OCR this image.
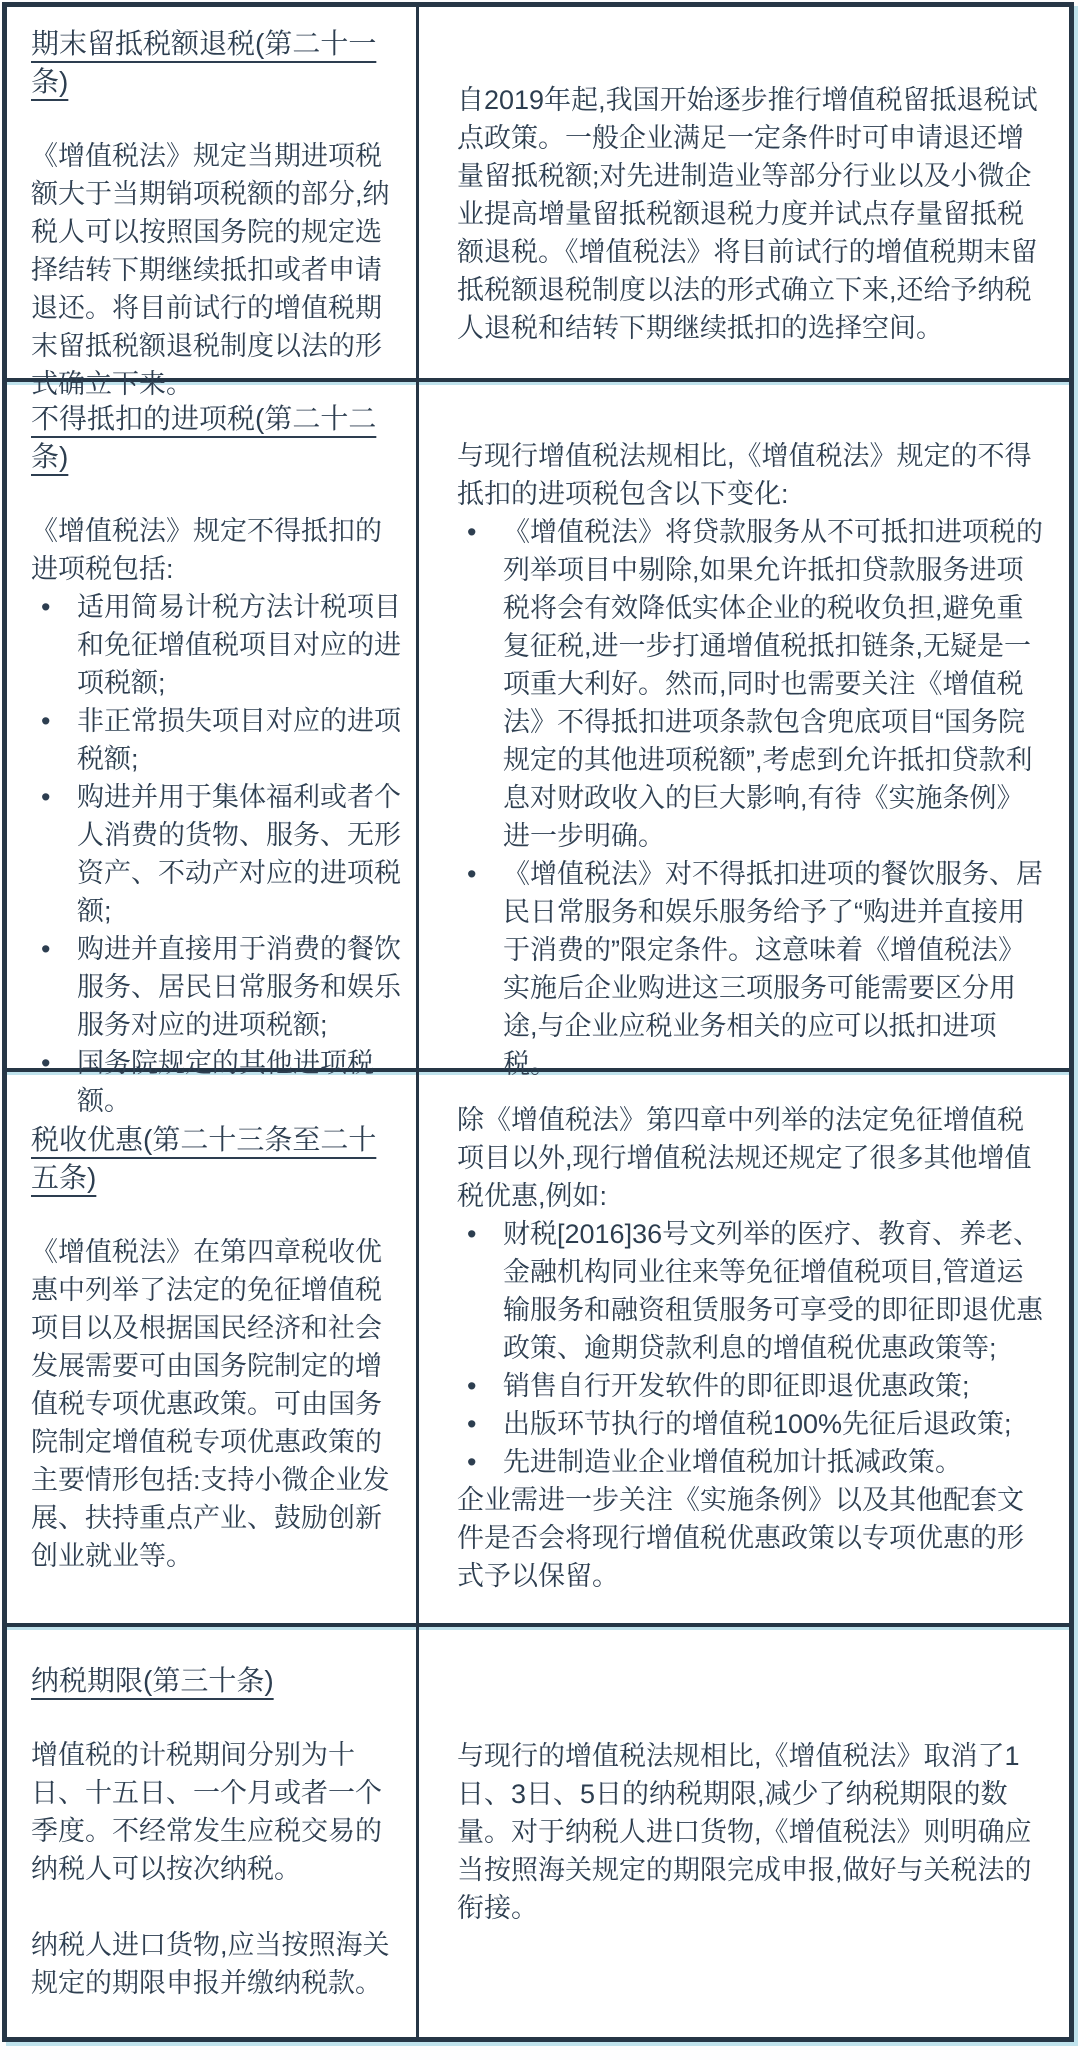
期末留抵税额退税(第二十一条)

《增值税法》规定当期进项税额大于当期销项税额的部分,纳税人可以按照国务院的规定选择结转下期继续抵扣或者申请退还。将目前试行的增值税期末留抵税额退税制度以法的形式确立下来。

自2019年起,我国开始逐步推行增值税留抵退税试点政策。一般企业满足一定条件时可申请退还增量留抵税额;对先进制造业等部分行业以及小微企业提高增量留抵税额退税力度并试点存量留抵税额退税。《增值税法》将目前试行的增值税期末留抵税额退税制度以法的形式确立下来,还给予纳税人退税和结转下期继续抵扣的选择空间。

不得抵扣的进项税(第二十二条)

《增值税法》规定不得抵扣的进项税包括:

• 适用简易计税方法计税项目和免征增值税项目对应的进项税额;
• 非正常损失项目对应的进项税额;
• 购进并用于集体福利或者个人消费的货物、服务、无形资产、不动产对应的进项税额;
• 购进并直接用于消费的餐饮服务、居民日常服务和娱乐服务对应的进项税额;
• 国务院规定的其他进项税额。

与现行增值税法规相比,《增值税法》规定的不得抵扣的进项税包含以下变化:

• 《增值税法》将贷款服务从不可抵扣进项税的列举项目中剔除,如果允许抵扣贷款服务进项税将会有效降低实体企业的税收负担,避免重复征税,进一步打通增值税抵扣链条,无疑是一项重大利好。然而,同时也需要关注《增值税法》不得抵扣进项条款包含兜底项目“国务院规定的其他进项税额”,考虑到允许抵扣贷款利息对财政收入的巨大影响,有待《实施条例》进一步明确。
• 《增值税法》对不得抵扣进项的餐饮服务、居民日常服务和娱乐服务给予了“购进并直接用于消费的”限定条件。这意味着《增值税法》实施后企业购进这三项服务可能需要区分用途,与企业应税业务相关的应可以抵扣进项税。
税收优惠(第二十三条至二十五条)

《增值税法》在第四章税收优惠中列举了法定的免征增值税项目以及根据国民经济和社会发展需要可由国务院制定的增值税专项优惠政策。可由国务院制定增值税专项优惠政策的主要情形包括:支持小微企业发展、扶持重点产业、鼓励创新创业就业等。

除《增值税法》第四章中列举的法定免征增值税项目以外,现行增值税法规还规定了很多其他增值税优惠,例如:

• 财税[2016]36号文列举的医疗、教育、养老、金融机构同业往来等免征增值税项目,管道运输服务和融资租赁服务可享受的即征即退优惠政策、逾期贷款利息的增值税优惠政策等;
• 销售自行开发软件的即征即退优惠政策;
• 出版环节执行的增值税100%先征后退政策;
• 先进制造业企业增值税加计抵减政策。

企业需进一步关注《实施条例》以及其他配套文件是否会将现行增值税优惠政策以专项优惠的形式予以保留。

纳税期限(第三十条)

增值税的计税期间分别为十日、十五日、一个月或者一个季度。不经常发生应税交易的纳税人可以按次纳税。

纳税人进口货物,应当按照海关规定的期限申报并缴纳税款。

与现行的增值税法规相比,《增值税法》取消了1日、3日、5日的纳税期限,减少了纳税期限的数量。对于纳税人进口货物,《增值税法》则明确应当按照海关规定的期限完成申报,做好与关税法的衔接。
